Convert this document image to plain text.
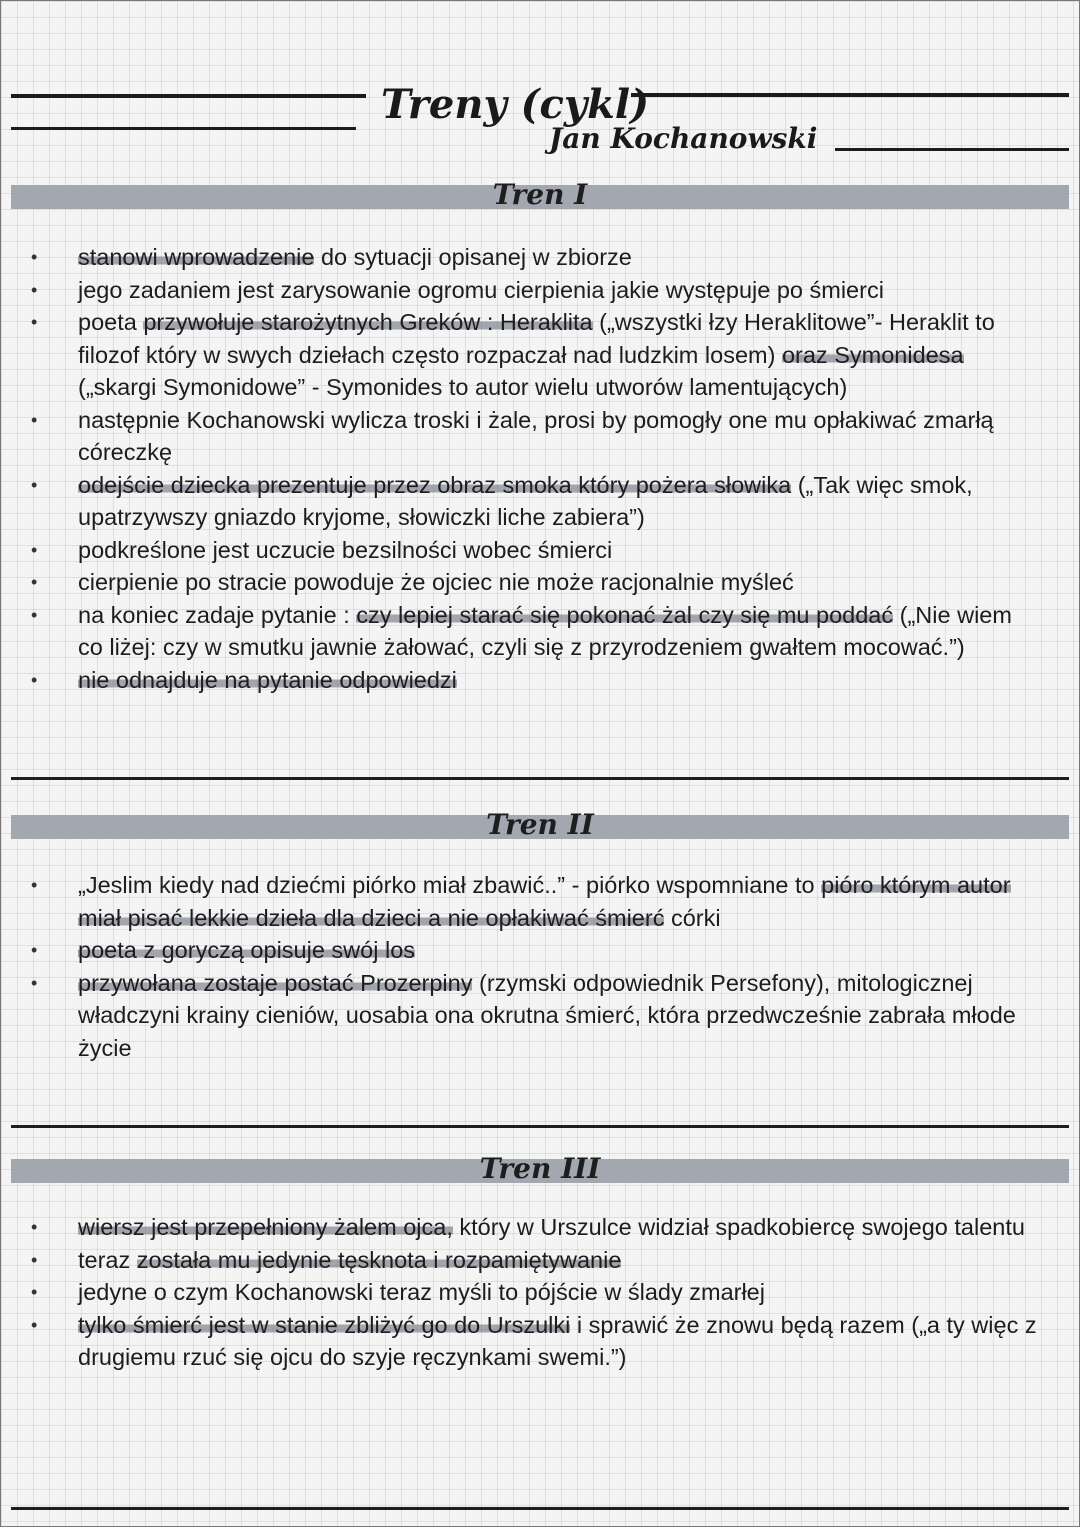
Treny (cykl)
Jan Kochanowski
Tren I
• stanowi wprowadzenie do sytuacji opisanej w zbiorze
• jego zadaniem jest zarysowanie ogromu cierpienia jakie występuje po śmierci
• poeta przywołuje starożytnych Greków : Heraklita („wszystki łzy Heraklitowe”- Heraklit to filozof który w swych dziełach często rozpaczał nad ludzkim losem) oraz Symonidesa („skargi Symonidowe” - Symonides to autor wielu utworów lamentujących)
• następnie Kochanowski wylicza troski i żale, prosi by pomogły one mu opłakiwać zmarłą córeczkę
• odejście dziecka prezentuje przez obraz smoka który pożera słowika („Tak więc smok, upatrzywszy gniazdo kryjome, słowiczki liche zabiera”)
• podkreślone jest uczucie bezsilności wobec śmierci
• cierpienie po stracie powoduje że ojciec nie może racjonalnie myśleć
• na koniec zadaje pytanie : czy lepiej starać się pokonać żal czy się mu poddać („Nie wiem co liżej: czy w smutku jawnie żałować, czyli się z przyrodzeniem gwałtem mocować.”)
• nie odnajduje na pytanie odpowiedzi
Tren II
• „Jeslim kiedy nad dziećmi piórko miał zbawić..” - piórko wspomniane to pióro którym autor miał pisać lekkie dzieła dla dzieci a nie opłakiwać śmierć córki
• poeta z goryczą opisuje swój los
• przywołana zostaje postać Prozerpiny (rzymski odpowiednik Persefony), mitologicznej władczyni krainy cieniów, uosabia ona okrutna śmierć, która przedwcześnie zabrała młode życie
Tren III
• wiersz jest przepełniony żalem ojca, który w Urszulce widział spadkobiercę swojego talentu
• teraz została mu jedynie tęsknota i rozpamiętywanie
• jedyne o czym Kochanowski teraz myśli to pójście w ślady zmarłej
• tylko śmierć jest w stanie zbliżyć go do Urszulki i sprawić że znowu będą razem („a ty więc z drugiemu rzuć się ojcu do szyje ręczynkami swemi.”)
